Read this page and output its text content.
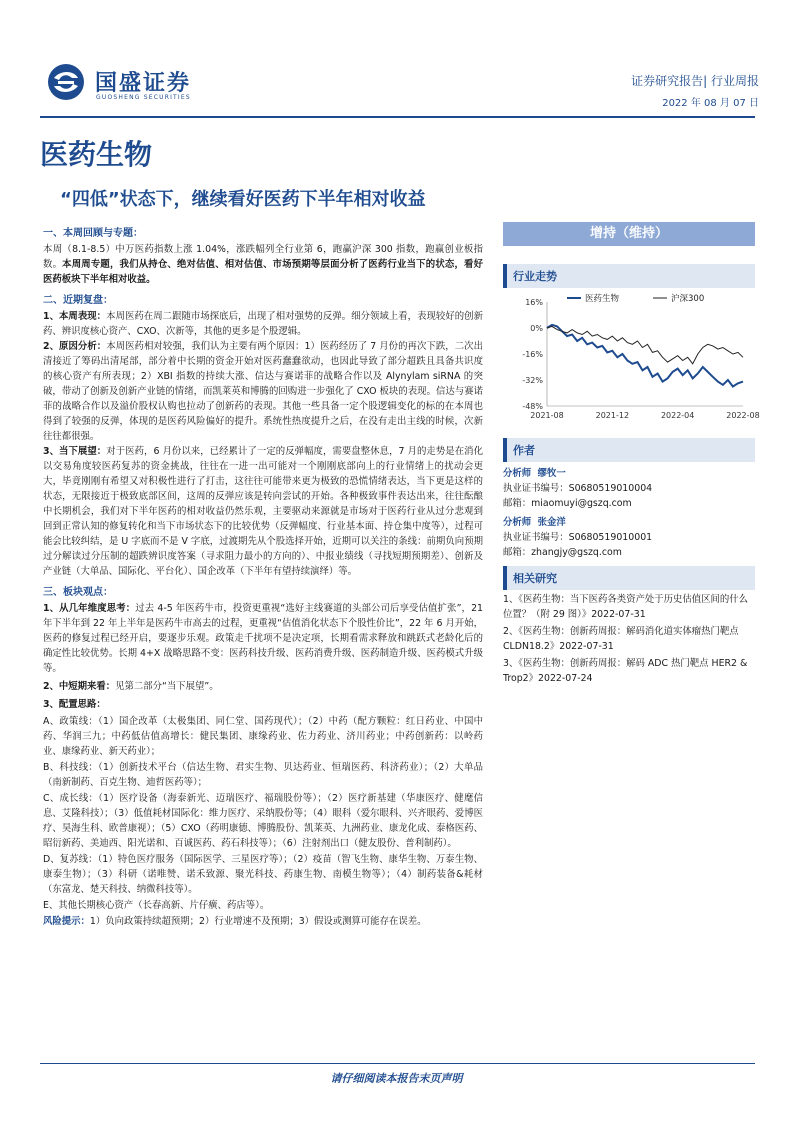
国盛证券
GUOSHENG SECURITIES
证券研究报告| 行业周报
2022 年 08 月 07 日
医药生物
“四低”状态下，继续看好医药下半年相对收益
一、本周回顾与专题：
本周（8.1-8.5）中万医药指数上涨 1.04%，涨跌幅列全行业第 6，跑赢沪深 300 指数，跑赢创业板指数。本周周专题，我们从持仓、绝对估值、相对估值、市场预期等层面分析了医药行业当下的状态，看好医药板块下半年相对收益。
二、近期复盘：
1、本周表现：本周医药在周二跟随市场探底后，出现了相对强势的反弹。细分领域上看，表现较好的创新药、辨识度核心资产、CXO、次新等，其他的更多是个股逻辑。
2、原因分析：本周医药相对较强，我们认为主要有两个原因：1）医药经历了 7 月份的再次下跌，二次出清接近了筹码出清尾部，部分着中长期的资金开始对医药蠢蠢欲动，也因此导致了部分超跌且具备共识度的核心资产有所表现；2）XBI 指数的持续大涨、信达与赛诺菲的战略合作以及 Alynylam siRNA 的突破，带动了创新及创新产业链的情绪，而凯莱英和博腾的回购进一步强化了 CXO 板块的表现。信达与赛诺菲的战略合作以及溢价股权认购也拉动了创新药的表现。其他一些具备一定个股逻辑变化的标的在本周也得到了较强的反弹，体现的是医药风险偏好的提升。系统性热度提升之后，在没有走出主线的时候，次新往往都很强。
3、当下展望：对于医药，6 月份以来，已经累计了一定的反弹幅度，需要盘整休息，7 月的走势是在消化以交易角度较医药复苏的资金挑战，往往在一进一出可能对一个刚刚底部向上的行业情绪上的扰动会更大，毕竟刚刚有希望又对积极性进行了打击，这往往可能带来更为极致的恐慌情绪表达，当下更是这样的状态，无限接近于极致底部区间，这周的反弹应该是转向尝试的开始。各种极致事件表达出来，往往酝酿中长期机会，我们对下半年医药的相对收益仍然乐观，主要驱动来源就是市场对于医药行业从过分悲观到回到正常认知的修复转化和当下市场状态下的比较优势（反弹幅度、行业基本面、持仓集中度等），过程可能会比较纠结，是 U 字底而不是 V 字底，过渡期先从个股选择开始，近期可以关注的条线：前期负向预期过分解读过分压制的超跌辨识度答案（寻求阻力最小的方向的）、中报业绩线（寻找短期预期差）、创新及产业链（大单品、国际化、平台化）、国企改革（下半年有望持续演绎）等。
三、板块观点：
1、从几年维度思考：过去 4-5 年医药牛市，投资更重视“选好主线赛道的头部公司后享受估值扩张”，21 年下半年到 22 年上半年是医药牛市高去的过程，更重视“估值消化状态下个股性价比”，22 年 6 月开始，医药的修复过程已经开启，要逐步乐观。政策走千扰项不是决定项，长期看需求释放和跳跃式老龄化后的确定性比较优势。长期 4+X 战略思路不变：医药科技升级、医药消费升级、医药制造升级、医药模式升级等。
2、中短期来看：见第二部分“当下展望”。
3、配置思路：
A、政策线：（1）国企改革（太极集团、同仁堂、国药现代）；（2）中药（配方颗粒：红日药业、中国中药、华润三九；中药低估值高增长：健民集团、康缘药业、佐力药业、济川药业；中药创新药：以岭药业、康缘药业、新天药业）；
B、科技线：（1）创新技术平台（信达生物、君实生物、贝达药业、恒瑞医药、科济药业）；（2）大单品（南新制药、百克生物、迪哲医药等）；
C、成长线：（1）医疗设备（海泰新光、迈瑞医疗、福瑞股份等）；（2）医疗新基建（华康医疗、健麾信息、艾隆科技）；（3）低值耗材国际化：维力医疗、采纳股份等；（4）眼科（爱尔眼科、兴齐眼药、爱博医疗、昊海生科、欧普康视）；（5）CXO（药明康德、博腾股份、凯莱英、九洲药业、康龙化成、泰格医药、昭衍新药、美迪西、阳光诺和、百诚医药、药石科技等）；（6）注射剂出口（健友股份、普利制药）。
D、复苏线：（1）特色医疗服务（国际医学、三星医疗等）；（2）疫苗（智飞生物、康华生物、万泰生物、康泰生物）；（3）科研（诺唯赞、诺禾致源、聚光科技、药康生物、南模生物等）；（4）制药装备&耗材（东富龙、楚天科技、纳微科技等）。
E、其他长期核心资产（长春高新、片仔癀、药店等）。
风险提示：1）负向政策持续超预期；2）行业增速不及预期；3）假设或测算可能存在误差。
增持（维持）
行业走势
16%
0%
-16%
-32%
-48%
2021-08	2021-12	2022-04	2022-08
医药生物	沪深300
作者
分析师 缪牧一
执业证书编号：S0680519010004
邮箱：miaomuyi@gszq.com
分析师 张金洋
执业证书编号：S0680519010001
邮箱：zhangjy@gszq.com
相关研究
1、《医药生物：当下医药各类资产处于历史估值区间的什么位置？（附 29 图）》2022-07-31
2、《医药生物：创新药周报：解码消化道实体瘤热门靶点 CLDN18.2》2022-07-31
3、《医药生物：创新药周报：解码 ADC 热门靶点 HER2 & Trop2》2022-07-24
请仔细阅读本报告末页声明
